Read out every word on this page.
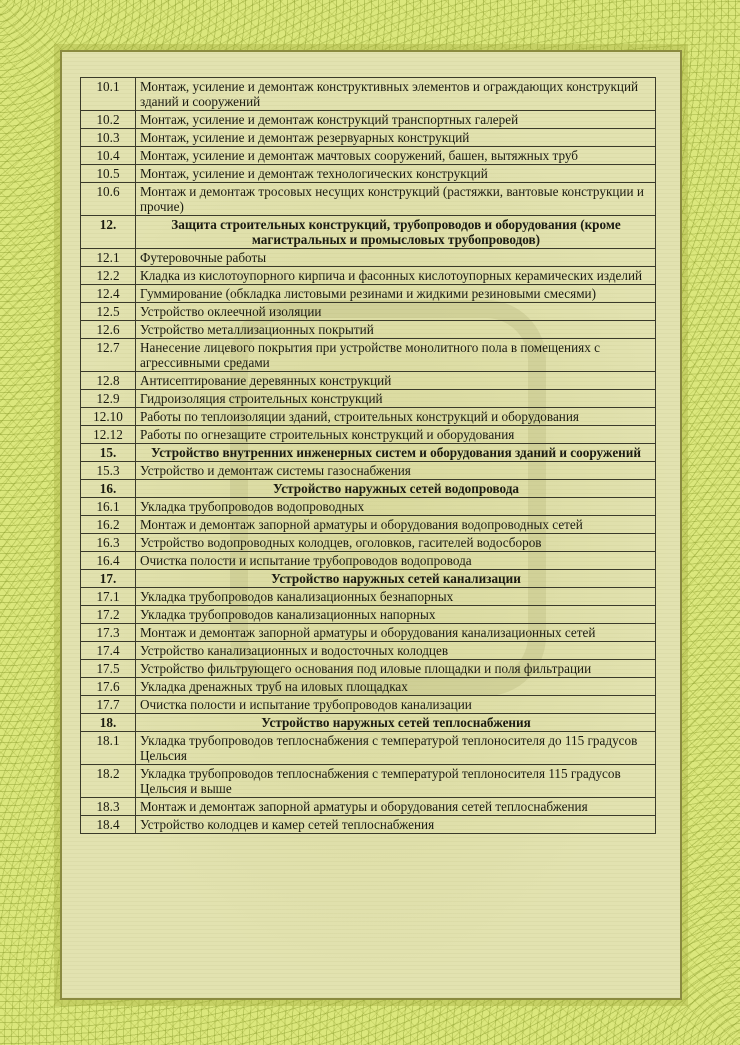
10.1	Монтаж, усиление и демонтаж конструктивных элементов и ограждающих конструкций зданий и сооружений
10.2	Монтаж, усиление и демонтаж конструкций транспортных галерей
10.3	Монтаж, усиление и демонтаж резервуарных конструкций
10.4	Монтаж, усиление и демонтаж мачтовых сооружений, башен, вытяжных труб
10.5	Монтаж, усиление и демонтаж технологических конструкций
10.6	Монтаж и демонтаж тросовых несущих конструкций (растяжки, вантовые конструкции и прочие)
12.	Защита строительных конструкций, трубопроводов и оборудования (кроме магистральных и промысловых трубопроводов)
12.1	Футеровочные работы
12.2	Кладка из кислотоупорного кирпича и фасонных кислотоупорных керамических изделий
12.4	Гуммирование (обкладка листовыми резинами и жидкими резиновыми смесями)
12.5	Устройство оклеечной изоляции
12.6	Устройство металлизационных покрытий
12.7	Нанесение лицевого покрытия при устройстве монолитного пола в помещениях с агрессивными средами
12.8	Антисептирование деревянных конструкций
12.9	Гидроизоляция строительных конструкций
12.10	Работы по теплоизоляции зданий, строительных конструкций и оборудования
12.12	Работы по огнезащите строительных конструкций и оборудования
15.	Устройство внутренних инженерных систем и оборудования зданий и сооружений
15.3	Устройство и демонтаж системы газоснабжения
16.	Устройство наружных сетей водопровода
16.1	Укладка трубопроводов водопроводных
16.2	Монтаж и демонтаж запорной арматуры и оборудования водопроводных сетей
16.3	Устройство водопроводных колодцев, оголовков, гасителей водосборов
16.4	Очистка полости и испытание трубопроводов водопровода
17.	Устройство наружных сетей канализации
17.1	Укладка трубопроводов канализационных безнапорных
17.2	Укладка трубопроводов канализационных напорных
17.3	Монтаж и демонтаж запорной арматуры и оборудования канализационных сетей
17.4	Устройство канализационных и водосточных колодцев
17.5	Устройство фильтрующего основания под иловые площадки и поля фильтрации
17.6	Укладка дренажных труб на иловых площадках
17.7	Очистка полости и испытание трубопроводов канализации
18.	Устройство наружных сетей теплоснабжения
18.1	Укладка трубопроводов теплоснабжения с температурой теплоносителя до 115 градусов Цельсия
18.2	Укладка трубопроводов теплоснабжения с температурой теплоносителя 115 градусов Цельсия и выше
18.3	Монтаж и демонтаж запорной арматуры и оборудования сетей теплоснабжения
18.4	Устройство колодцев и камер сетей теплоснабжения
